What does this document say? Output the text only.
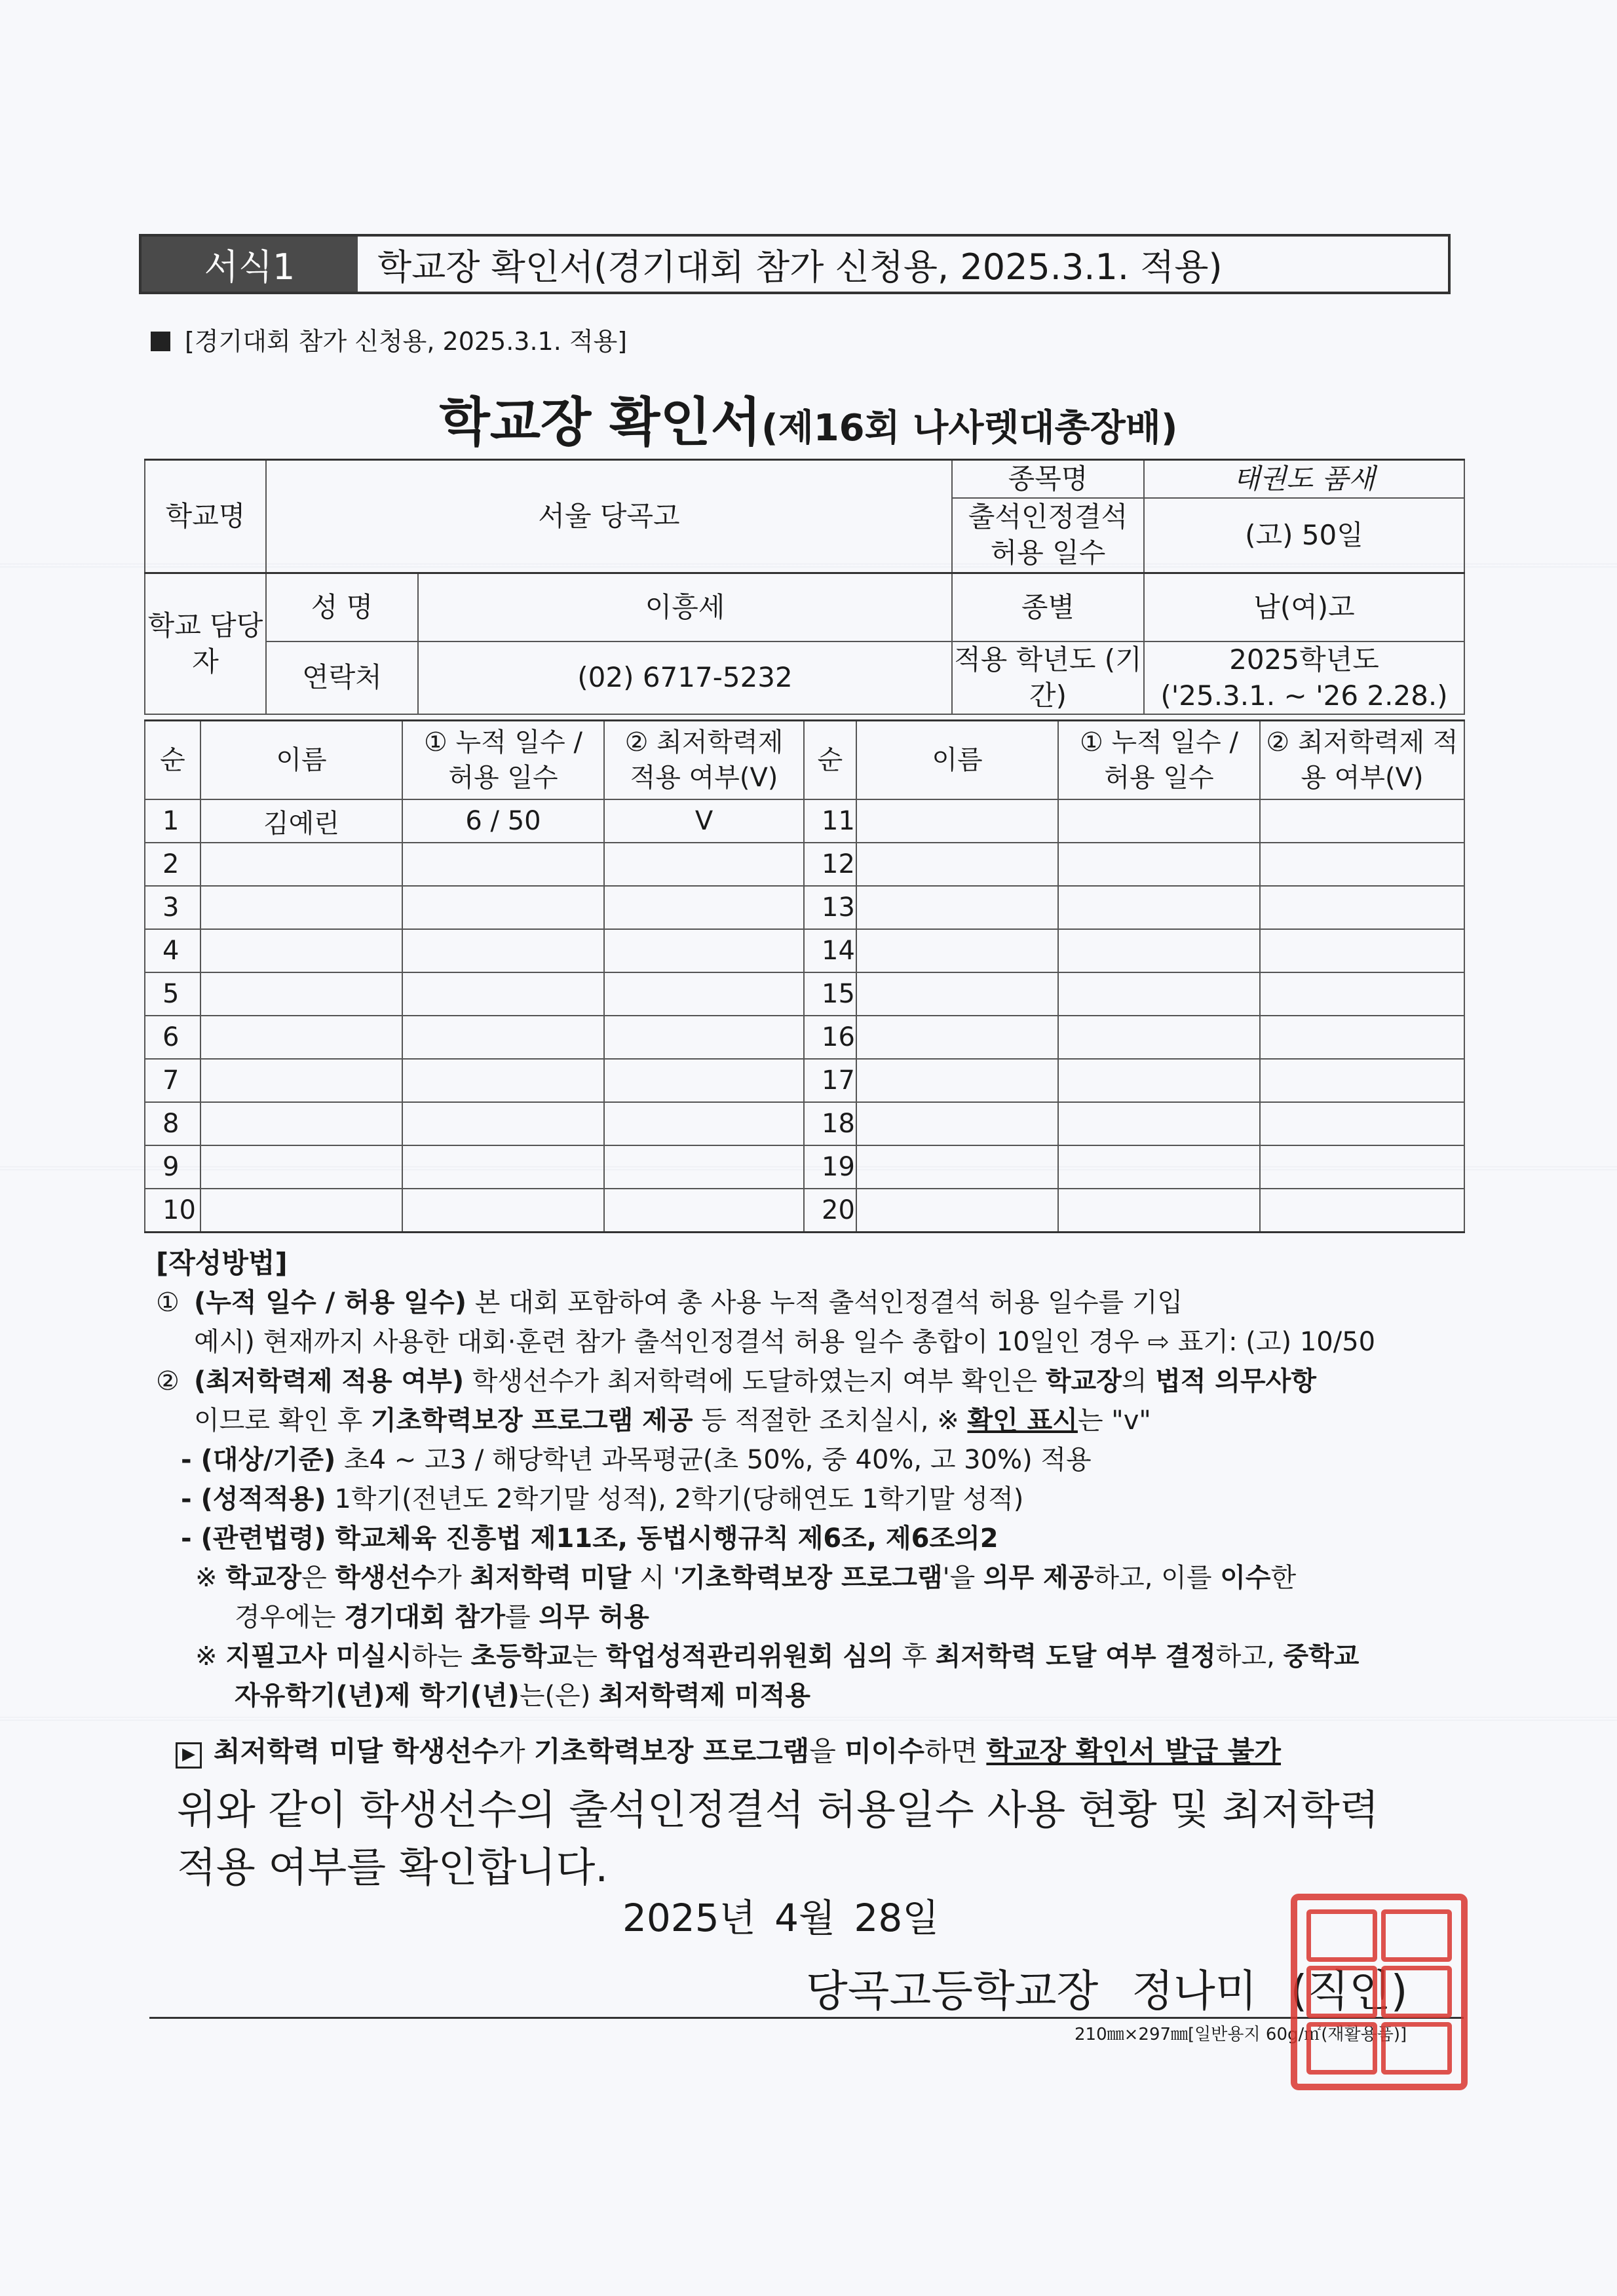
서식1	학교장 확인서(경기대회 참가 신청용, 2025.3.1. 적용)
[경기대회 참가 신청용, 2025.3.1. 적용]
학교장 확인서(제16회 나사렛대총장배)
학교명	서울 당곡고		종목명	태권도 품새
			출석인정결석 허용 일수	(고) 50일
학교 담당자	성 명	이흥세	종별	남(여)고
	연락처	(02) 6717-5232	적용 학년도 (기간)	2025학년도
('25.3.1. ~ '26 2.28.)
순	이름	① 누적 일수 / 허용 일수	② 최저학력제 적용 여부(V)	순	이름	① 누적 일수 / 허용 일수	② 최저학력제 적용 여부(V)
1	김예린	6 / 50	V	11			
2				12			
3				13			
4				14			
5				15			
6				16			
7				17			
8				18			
9				19			
10				20			
[작성방법]
① (누적 일수 / 허용 일수) 본 대회 포함하여 총 사용 누적 출석인정결석 허용 일수를 기입
예시) 현재까지 사용한 대회·훈련 참가 출석인정결석 허용 일수 총합이 10일인 경우 ⇨ 표기: (고) 10/50
② (최저학력제 적용 여부) 학생선수가 최저학력에 도달하였는지 여부 확인은 학교장의 법적 의무사항
이므로 확인 후 기초학력보장 프로그램 제공 등 적절한 조치실시, ※ 확인 표시는 "v"
- (대상/기준) 초4 ~ 고3 / 해당학년 과목평균(초 50%, 중 40%, 고 30%) 적용
- (성적적용) 1학기(전년도 2학기말 성적), 2학기(당해연도 1학기말 성적)
- (관련법령) 학교체육 진흥법 제11조, 동법시행규칙 제6조, 제6조의2
※ 학교장은 학생선수가 최저학력 미달 시 '기초학력보장 프로그램'을 의무 제공하고, 이를 이수한
경우에는 경기대회 참가를 의무 허용
※ 지필고사 미실시하는 초등학교는 학업성적관리위원회 심의 후 최저학력 도달 여부 결정하고, 중학교
자유학기(년)제 학기(년)는(은) 최저학력제 미적용
▶ 최저학력 미달 학생선수가 기초학력보장 프로그램을 미이수하면 학교장 확인서 발급 불가
위와 같이 학생선수의 출석인정결석 허용일수 사용 현황 및 최저학력
적용 여부를 확인합니다.
2025년 4월 28일
당곡고등학교장 정나미 (직인)
210㎜×297㎜[일반용지 60g/㎡(재활용품)]
